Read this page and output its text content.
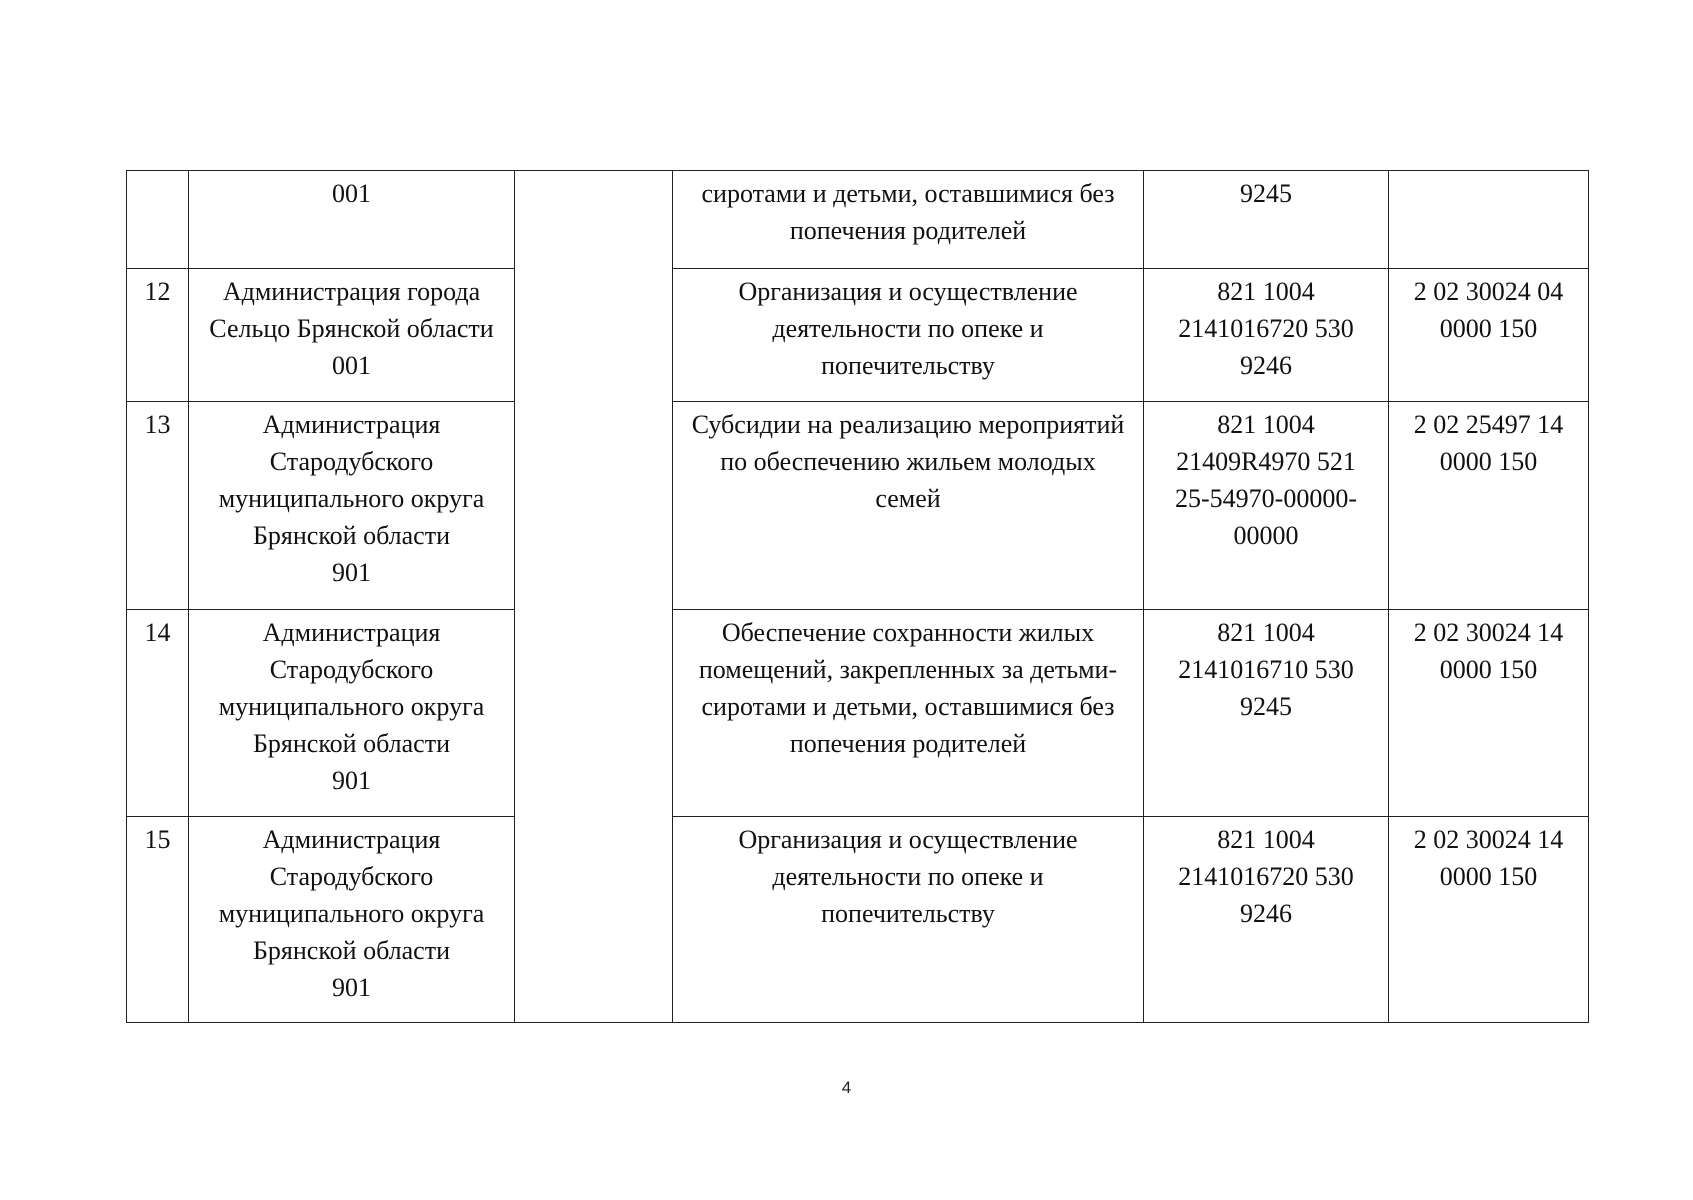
	001		сиротами и детьми, оставшимися без
попечения родителей	9245	

12	Администрация города
Сельцо Брянской области
001		Организация и осуществление
деятельности по опеке и
попечительству	821 1004
2141016720 530
9246	2 02 30024 04
0000 150

13	Администрация
Стародубского
муниципального округа
Брянской области
901		Субсидии на реализацию мероприятий
по обеспечению жильем молодых
семей	821 1004
21409R4970 521
25-54970-00000-
00000	2 02 25497 14
0000 150

14	Администрация
Стародубского
муниципального округа
Брянской области
901		Обеспечение сохранности жилых
помещений, закрепленных за детьми-
сиротами и детьми, оставшимися без
попечения родителей	821 1004
2141016710 530
9245	2 02 30024 14
0000 150

15	Администрация
Стародубского
муниципального округа
Брянской области
901		Организация и осуществление
деятельности по опеке и
попечительству	821 1004
2141016720 530
9246	2 02 30024 14
0000 150
4
